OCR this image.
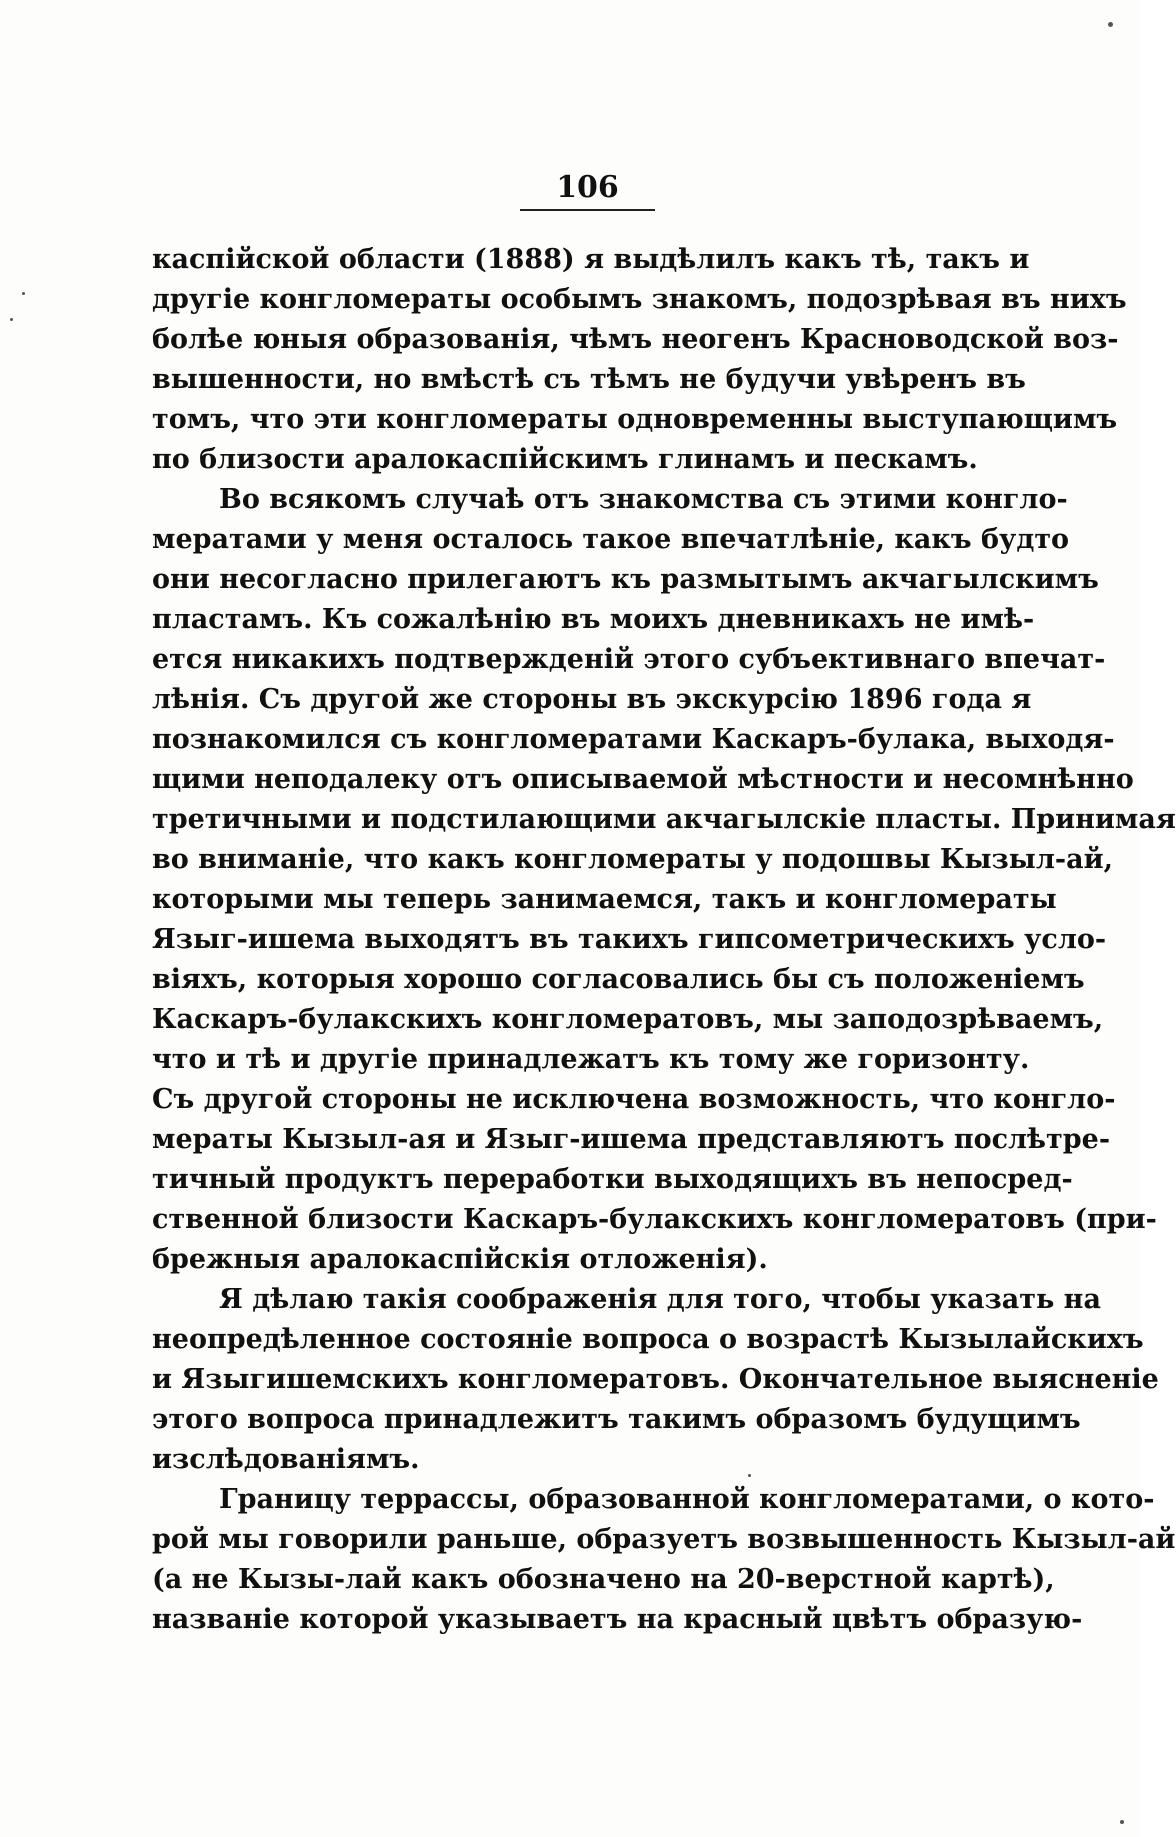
106
каспійской области (1888) я выдѣлилъ какъ тѣ, такъ и
другіе конгломераты особымъ знакомъ, подозрѣвая въ нихъ
болѣе юныя образованія, чѣмъ неогенъ Красноводской воз-
вышенности, но вмѣстѣ съ тѣмъ не будучи увѣренъ въ
томъ, что эти конгломераты одновременны выступающимъ
по близости аралокаспійскимъ глинамъ и пескамъ.
Во всякомъ случаѣ отъ знакомства съ этими конгло-
мератами у меня осталось такое впечатлѣніе, какъ будто
они несогласно прилегаютъ къ размытымъ акчагылскимъ
пластамъ. Къ сожалѣнію въ моихъ дневникахъ не имѣ-
ется никакихъ подтвержденій этого субъективнаго впечат-
лѣнія. Съ другой же стороны въ экскурсію 1896 года я
познакомился съ конгломератами Каскаръ-булака, выходя-
щими неподалеку отъ описываемой мѣстности и несомнѣнно
третичными и подстилающими акчагылскіе пласты. Принимая
во вниманіе, что какъ конгломераты у подошвы Кызыл-ай,
которыми мы теперь занимаемся, такъ и конгломераты
Языг-ишема выходятъ въ такихъ гипсометрическихъ усло-
віяхъ, которыя хорошо согласовались бы съ положеніемъ
Каскаръ-булакскихъ конгломератовъ, мы заподозрѣваемъ,
что и тѣ и другіе принадлежатъ къ тому же горизонту.
Съ другой стороны не исключена возможность, что конгло-
мераты Кызыл-ая и Языг-ишема представляютъ послѣтре-
тичный продуктъ переработки выходящихъ въ непосред-
ственной близости Каскаръ-булакскихъ конгломератовъ (при-
брежныя аралокаспійскія отложенія).
Я дѣлаю такія соображенія для того, чтобы указать на
неопредѣленное состояніе вопроса о возрастѣ Кызылайскихъ
и Языгишемскихъ конгломератовъ. Окончательное выясненіе
этого вопроса принадлежитъ такимъ образомъ будущимъ
изслѣдованіямъ.
Границу террассы, образованной конгломератами, о кото-
рой мы говорили раньше, образуетъ возвышенность Кызыл-ай
(а не Кызы-лай какъ обозначено на 20-верстной картѣ),
названіе которой указываетъ на красный цвѣтъ образую-
